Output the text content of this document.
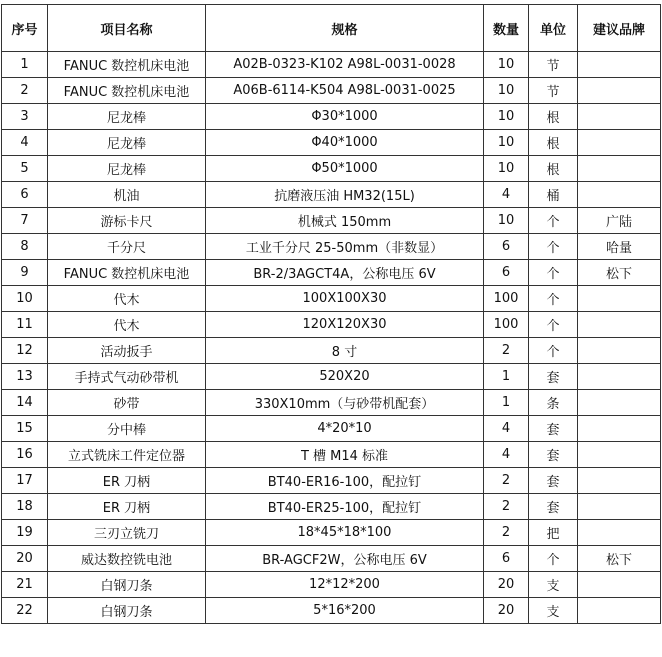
序号	项目名称	规格	数量	单位	建议品牌
1	FANUC 数控机床电池	A02B-0323-K102 A98L-0031-0028	10	节	
2	FANUC 数控机床电池	A06B-6114-K504 A98L-0031-0025	10	节	
3	尼龙棒	Φ30*1000	10	根	
4	尼龙棒	Φ40*1000	10	根	
5	尼龙棒	Φ50*1000	10	根	
6	机油	抗磨液压油 HM32(15L)	4	桶	
7	游标卡尺	机械式 150mm	10	个	广陆
8	千分尺	工业千分尺 25-50mm（非数显）	6	个	哈量
9	FANUC 数控机床电池	BR-2/3AGCT4A，公称电压 6V	6	个	松下
10	代木	100X100X30	100	个	
11	代木	120X120X30	100	个	
12	活动扳手	8 寸	2	个	
13	手持式气动砂带机	520X20	1	套	
14	砂带	330X10mm（与砂带机配套）	1	条	
15	分中棒	4*20*10	4	套	
16	立式铣床工件定位器	T 槽 M14 标准	4	套	
17	ER 刀柄	BT40-ER16-100，配拉钉	2	套	
18	ER 刀柄	BT40-ER25-100，配拉钉	2	套	
19	三刃立铣刀	18*45*18*100	2	把	
20	威达数控铣电池	BR-AGCF2W，公称电压 6V	6	个	松下
21	白钢刀条	12*12*200	20	支	
22	白钢刀条	5*16*200	20	支	
